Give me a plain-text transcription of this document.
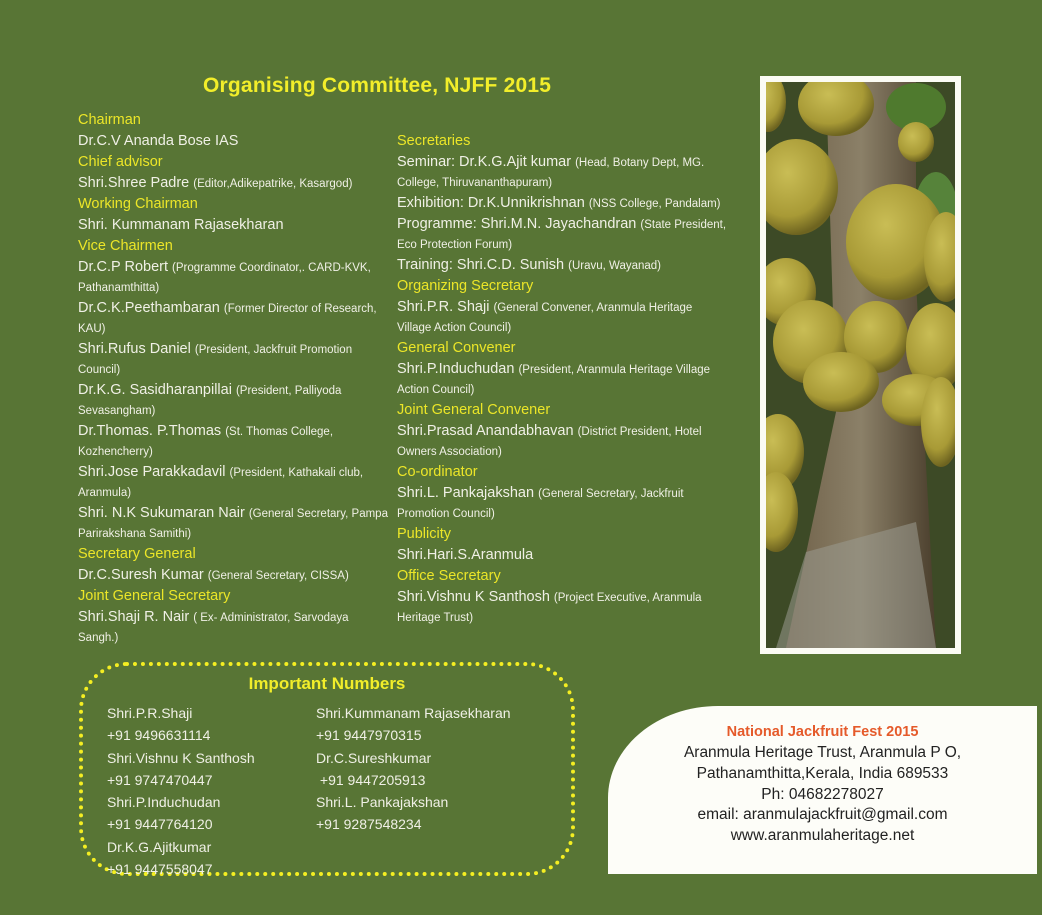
Organising Committee, NJFF 2015
Chairman
Dr.C.V Ananda Bose IAS
Chief advisor
Shri.Shree Padre (Editor,Adikepatrike, Kasargod)
Working Chairman
Shri. Kummanam Rajasekharan
Vice Chairmen
Dr.C.P Robert (Programme Coordinator,. CARD-KVK, Pathanamthitta)
Dr.C.K.Peethambaran (Former Director of Research, KAU)
Shri.Rufus Daniel (President, Jackfruit Promotion Council)
Dr.K.G. Sasidharanpillai (President, Palliyoda Sevasangham)
Dr.Thomas. P.Thomas (St. Thomas College, Kozhencherry)
Shri.Jose Parakkadavil (President, Kathakali club, Aranmula)
Shri. N.K Sukumaran Nair (General Secretary, Pampa Parirakshana Samithi)
Secretary General
Dr.C.Suresh Kumar (General Secretary, CISSA)
Joint General Secretary
Shri.Shaji R. Nair ( Ex- Administrator, Sarvodaya Sangh.)
Secretaries
Seminar: Dr.K.G.Ajit kumar (Head, Botany Dept, MG. College, Thiruvananthapuram)
Exhibition: Dr.K.Unnikrishnan (NSS College, Pandalam)
Programme: Shri.M.N. Jayachandran (State President, Eco Protection Forum)
Training: Shri.C.D. Sunish (Uravu, Wayanad)
Organizing Secretary
Shri.P.R. Shaji (General Convener, Aranmula Heritage Village Action Council)
General Convener
Shri.P.Induchudan (President, Aranmula Heritage Village Action Council)
Joint General Convener
Shri.Prasad Anandabhavan (District President, Hotel Owners Association)
Co-ordinator
Shri.L. Pankajakshan (General Secretary, Jackfruit Promotion Council)
Publicity
Shri.Hari.S.Aranmula
Office Secretary
Shri.Vishnu K Santhosh (Project Executive, Aranmula Heritage Trust)
Important Numbers
Shri.P.R.Shaji
+91 9496631114
Shri.Vishnu K Santhosh
+91 9747470447
Shri.P.Induchudan
+91 9447764120
Dr.K.G.Ajitkumar
+91 9447558047
Shri.Kummanam Rajasekharan
+91 9447970315
Dr.C.Sureshkumar
+91 9447205913
Shri.L. Pankajakshan
+91 9287548234
National Jackfruit Fest 2015
Aranmula Heritage Trust, Aranmula P O,
Pathanamthitta,Kerala, India 689533
Ph: 04682278027
email: aranmulajackfruit@gmail.com
www.aranmulaheritage.net
